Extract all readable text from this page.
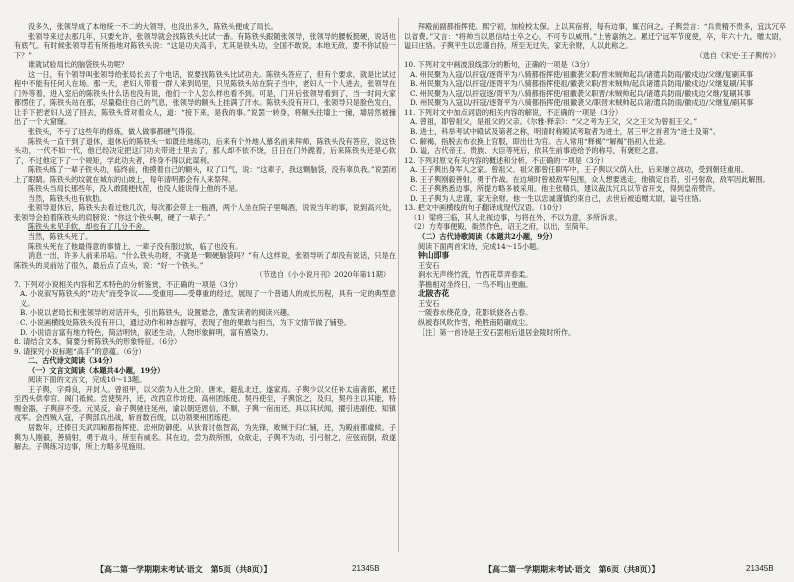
没多久，张领导成了本地统一不二的大领导，也没出多久，陈铁头便成了局长。

张领导来过去那几年，只要允许，张领导就会找陈铁头比试一番。有陈铁头跟随张领导，张领导的腰板挺硬，说话也有底气。有时候张领导若有所指地对陈铁头说：“这是功夫高手，尤其是铁头功，全国不敢说，本地无敌，要不你试验一下？”

谁就试验局长的脑袋铁头功呢？

这一日，有个领导叫张领导给张局长去了个电话，说要找陈铁头比试功夫。陈铁头答应了，但有个要求，就是比试过程中不能有任何人在场。那一天，老妇人带着一群人来到局里，只见陈铁头站在院子当中，老妇人一个人进去，张领导在门外等着，进入室后的陈铁头什么话也没有说，他们一个人怎么样也看不到。可是，门开后张领导看到了，当一时间大家都愣住了，陈铁头站在那，尽量稳住自己的气息，张领导的额头上挂满了汗水。陈铁头没有开口，张领导只是脸色发白，让手下把老妇人送了回去，陈铁头背对着众人，道：“接下来，是我的事。”说罢一转身，将额头往墙上一撞，墙居然被撞出了一个大窟窿。

张铁头，不亏了这些年的修炼，做人做事都硬气得很。

陈铁头一直干到了退休，退休后的陈铁头一如既往地练功，后来有个外地人慕名前来拜师，陈铁头没有答应，说这铁头功，一代不如一代，他已经决定把这门功夫带进土里去了，那人却不依不饶，日日在门外跪着，后来陈铁头还是心软了，不过他定下了一个规矩，学此功夫者，终身不得以此谋利。

陈铁头练了一辈子铁头功，临终前，他摸着自己的额头，叹了口气，说：“这辈子，我这颗脑袋，没有辜负我。”说罢闭上了眼睛。陈铁头的坟就在城东的山坡上，每年清明都会有人来祭拜。

陈铁头当局长那些年，没人敢随便找茬，也没人能说得上他的不是。

当然，陈铁头也有软肋。

张领导退休后，陈铁头去看过他几次，每次都会带上一瓶酒，两个人坐在院子里喝酒，说说当年的事，说到高兴处，张领导会拍着陈铁头的肩膀说：“你这个铁头啊，硬了一辈子。”

陈铁头未见手软，却也有了几分不舍。

当然，陈铁头死了。

陈铁头死在了他最得意的事情上，一辈子没有服过软，临了也没有。

消息一出，许多人前来吊唁。“什么铁头功呀，不就是一颗硬脑袋吗？”有人这样说，张领导听了却没有说话，只是在陈铁头的灵前站了很久，最后点了点头，说：“好一个铁头。”

（节选自《小小说月刊》2020年第11期）

7. 下列对小说相关内容和艺术特色的分析鉴赏，不正确的一项是（3分）

A. 小说叙写陈铁头的“功夫”而受争议——受重用——受尊重的经过，展现了一个普通人的成长历程，具有一定的典型意义。

B. 小说以老局长和张领导的对话开头，引出陈铁头，设置悬念，激发读者的阅读兴趣。

C. 小说画横线处陈铁头没有开口，通过动作和神态描写，表现了他的果敢与担当，为下文情节做了铺垫。

D. 小说语言富有地方特色，简洁明快，叙述生动，人物形象鲜明，富有感染力。

8. 请结合文本，简要分析陈铁头的形象特征。（6分）

9. 请探究小说标题“高手”的意蕴。（6分）

二、古代诗文阅读（34分）

（一）文言文阅读（本题共4小题，19分）

阅读下面的文言文，完成10～13题。

王子舆，字舜良，开封人。曾祖甲，以父荫为入仕之阶。唐末，避乱北迁，遂家焉。子舆少以父任补太庙斋郎，累迁至西头供奉官、阁门祗候。尝使契丹，还，改西京作坊使、高州团练使。契丹使至，子舆馆之，及归，契丹主以其能，特赐金器，子舆辞不受。元昊反，命子舆驰往延州，谕以朝廷恩信，不顺，子舆一宿而还，具以其状闻，擢引进副使、知镇戎军。会西贼入寇，子舆部兵出战，斩首数百级，以功领果州团练使。

居数年，迁捧日天武四厢都指挥使、忠州防御使。从狄青讨侬智高，为先锋，败贼于归仁铺，还，为殿前都虞候。子舆为人刚毅，善骑射，勇于战斗，所至有威名。其在边，尝为敌所围，众欲走，子舆不为动，引弓射之，应弦而倒，敌遂解去。子舆练习边事，所上方略多见施用。

拜殿前副都指挥使。熙宁初，加检校太保。上以其宿将，每有边事，辄召问之。子舆尝言：“兵贵精不贵多，宜汰冗卒以省费。”又言：“将帅当以恩信结士卒之心，不可专以威刑。”上皆嘉纳之。累迁宁远军节度使，卒，年六十九。赠太尉，谥曰庄恪。子舆平生以忠谨自持，所至无过失，家无余财，人以此称之。

（选自《宋史·王子舆传》）

10. 下列对文中画波浪线部分的断句，正确的一项是（3分）

A. 州民聚为入寇/以扞寇/逐胥平为八骑都指挥使/祖徽袭父职/晋末贼帅起兵/诸遣兵防雨/徽戍边/父继/复刷其事

B. 州民聚为入寇/以扞寇/逐胥平为八骑都指挥使祖/徽袭父职/晋末贼帅/起兵诸遣兵防雨/徽戍边/父继复刷/其事

C. 州民聚为入寇/以扞寇逐/胥平为八骑都指挥使/祖徽袭父职晋/末贼帅起兵/诸遣兵防雨/徽戍边父继/复刷其事

D. 州民聚为入寇以/扞寇/逐胥平为八骑都指挥使/祖徽袭父/职晋末贼帅起兵诸/遣兵防雨/徽戍边/父继复/刷其事

11. 下列对文中加点词语的相关内容的解说，不正确的一项是（3分）

A. 曾祖，即曾祖父，是祖父的父亲。《尔雅·释亲》：“父之考为王父，父之王父为曾祖王父。”

B. 进士，科举考试中殿试及第者之称，明清时称殿试考取者为进士，居三甲之首者为“进士及第”。

C. 解褐，指脱去布衣换上官服，即出仕为官。古人常用“释褐”“解褐”指初入仕途。

D. 谥，古代帝王、贵族、大臣等死后，依其生前事迹给予的称号，有褒贬之意。

12. 下列对原文有关内容的概述和分析，不正确的一项是（3分）

A. 王子舆出身军人之家。曾祖父、祖父都曾任职军中，王子舆以父荫入仕，后来屡立战功，受到朝廷重用。

B. 王子舆刚毅善射，勇于作战。在边境时曾被敌军包围，众人想要逃走，他镇定自若，引弓射敌，敌军因此解围。

C. 王子舆熟悉边事，所提方略多被采用。他主张精兵，建议裁汰冗兵以节省开支，得到皇帝赞许。

D. 王子舆为人忠谨，家无余财。他一生以忠诚谨慎约束自己，去世后被追赠太尉，谥号庄恪。

13. 把文中画横线的句子翻译成现代汉语。（10分）

（1）梁将三临，其人北视边事，与将在外，不以为意，多所诉求。

（2）方寿事便殿，衙然作色，诏王之府，以出，至简年。

（二）古代诗歌阅读（本题共2小题，9分）

阅读下面两首宋诗，完成14～15小题。

钟山即事

王安石

涧水无声绕竹流，竹西花草弄春柔。

茅檐相对坐终日，一鸟不鸣山更幽。

北陂杏花

王安石

一陂春水绕花身，花影妖娆各占春。

纵被春风吹作雪，绝胜南陌碾成尘。

［注］第一首诗是王安石罢相后退居金陵时所作。

【高二第一学期期末考试·语文　第5页（共8页）】	21345B	【高二第一学期期末考试·语文　第6页（共8页）】	21345B
